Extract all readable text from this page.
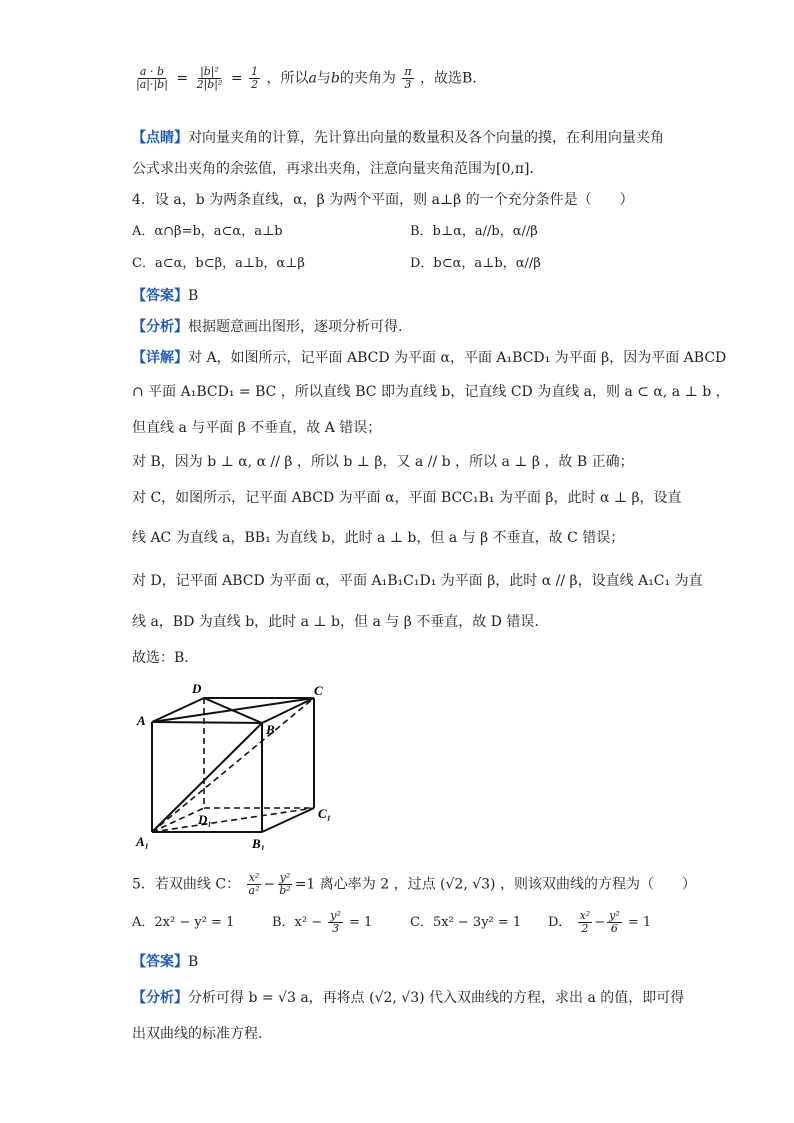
$\frac{a \cdot b}{|a|\cdot|b|} = \frac{\text{|b|²}}{\text{2|b|²}} = \frac{1}{2}$ ，所以a与b的夹角为 $\frac{\pi}{3}$ ，故选B．
【点睛】对向量夹角的计算，先计算出向量的数量积及各个向量的摸，在利用向量夹角
公式求出夹角的余弦值，再求出夹角，注意向量夹角范围为[0,π]．
4．设 a，b 为两条直线，α，β 为两个平面，则 a⊥β 的一个充分条件是（　　）
A．α∩β=b，a⊂α，a⊥b	B．b⊥α，a//b，α//β
C．a⊂α，b⊂β，a⊥b，α⊥β	D．b⊂α，a⊥b，α//β
【答案】B
【分析】根据题意画出图形，逐项分析可得.
【详解】对 A，如图所示，记平面 ABCD 为平面 α，平面 A₁BCD₁ 为平面 β，因为平面 ABCD
∩ 平面 A₁BCD₁ = BC ，所以直线 BC 即为直线 b，记直线 CD 为直线 a，则 a ⊂ α, a ⊥ b ，
但直线 a 与平面 β 不垂直，故 A 错误；
对 B，因为 b ⊥ α, α // β ，所以 b ⊥ β，又 a // b ，所以 a ⊥ β ，故 B 正确；
对 C，如图所示，记平面 ABCD 为平面 α，平面 BCC₁B₁ 为平面 β，此时 α ⊥ β，设直
线 AC 为直线 a，BB₁ 为直线 b，此时 a ⊥ b，但 a 与 β 不垂直，故 C 错误；
对 D，记平面 ABCD 为平面 α，平面 A₁B₁C₁D₁ 为平面 β，此时 α // β，设直线 A₁C₁ 为直
线 a，BD 为直线 b，此时 a ⊥ b，但 a 与 β 不垂直，故 D 错误.
故选：B.
D	C
A
B
D₁	C₁
A₁	B₁
5．若双曲线 C： $\frac{\text{x²}}{\text{a²}} - \frac{\text{y²}}{\text{b²}} =1$ 离心率为 2 ，过点 (√2, √3) ，则该双曲线的方程为（　　）
A．2x² − y² = 1	B．$x^2 - \frac{\text{y²}}{3} = 1$	C．5x² − 3y² = 1 D． $\frac{\text{x²}}{2} - \frac{\text{y²}}{6} = 1$
【答案】B
【分析】分析可得 b = √3 a，再将点 (√2, √3) 代入双曲线的方程，求出 a 的值，即可得
出双曲线的标准方程.
